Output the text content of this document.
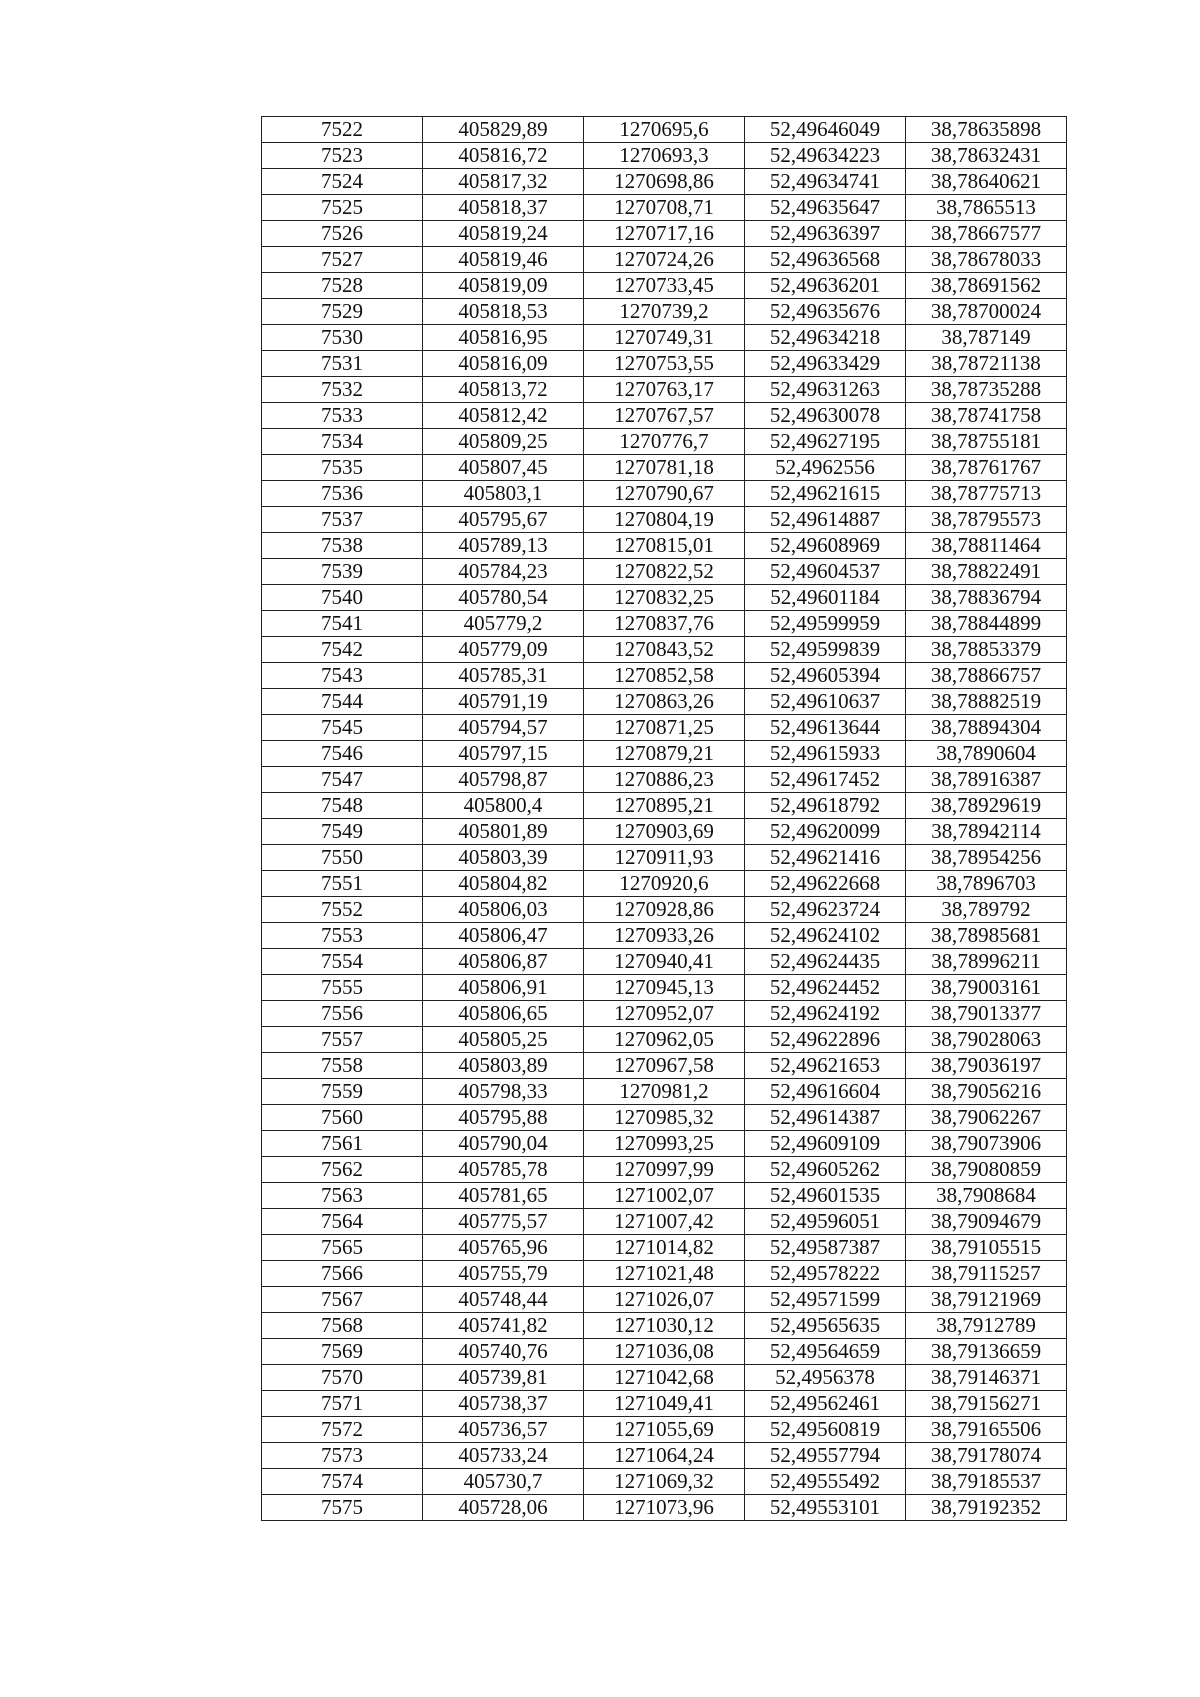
7522	405829,89	1270695,6	52,49646049	38,78635898
7523	405816,72	1270693,3	52,49634223	38,78632431
7524	405817,32	1270698,86	52,49634741	38,78640621
7525	405818,37	1270708,71	52,49635647	38,7865513
7526	405819,24	1270717,16	52,49636397	38,78667577
7527	405819,46	1270724,26	52,49636568	38,78678033
7528	405819,09	1270733,45	52,49636201	38,78691562
7529	405818,53	1270739,2	52,49635676	38,78700024
7530	405816,95	1270749,31	52,49634218	38,787149
7531	405816,09	1270753,55	52,49633429	38,78721138
7532	405813,72	1270763,17	52,49631263	38,78735288
7533	405812,42	1270767,57	52,49630078	38,78741758
7534	405809,25	1270776,7	52,49627195	38,78755181
7535	405807,45	1270781,18	52,4962556	38,78761767
7536	405803,1	1270790,67	52,49621615	38,78775713
7537	405795,67	1270804,19	52,49614887	38,78795573
7538	405789,13	1270815,01	52,49608969	38,78811464
7539	405784,23	1270822,52	52,49604537	38,78822491
7540	405780,54	1270832,25	52,49601184	38,78836794
7541	405779,2	1270837,76	52,49599959	38,78844899
7542	405779,09	1270843,52	52,49599839	38,78853379
7543	405785,31	1270852,58	52,49605394	38,78866757
7544	405791,19	1270863,26	52,49610637	38,78882519
7545	405794,57	1270871,25	52,49613644	38,78894304
7546	405797,15	1270879,21	52,49615933	38,7890604
7547	405798,87	1270886,23	52,49617452	38,78916387
7548	405800,4	1270895,21	52,49618792	38,78929619
7549	405801,89	1270903,69	52,49620099	38,78942114
7550	405803,39	1270911,93	52,49621416	38,78954256
7551	405804,82	1270920,6	52,49622668	38,7896703
7552	405806,03	1270928,86	52,49623724	38,789792
7553	405806,47	1270933,26	52,49624102	38,78985681
7554	405806,87	1270940,41	52,49624435	38,78996211
7555	405806,91	1270945,13	52,49624452	38,79003161
7556	405806,65	1270952,07	52,49624192	38,79013377
7557	405805,25	1270962,05	52,49622896	38,79028063
7558	405803,89	1270967,58	52,49621653	38,79036197
7559	405798,33	1270981,2	52,49616604	38,79056216
7560	405795,88	1270985,32	52,49614387	38,79062267
7561	405790,04	1270993,25	52,49609109	38,79073906
7562	405785,78	1270997,99	52,49605262	38,79080859
7563	405781,65	1271002,07	52,49601535	38,7908684
7564	405775,57	1271007,42	52,49596051	38,79094679
7565	405765,96	1271014,82	52,49587387	38,79105515
7566	405755,79	1271021,48	52,49578222	38,79115257
7567	405748,44	1271026,07	52,49571599	38,79121969
7568	405741,82	1271030,12	52,49565635	38,7912789
7569	405740,76	1271036,08	52,49564659	38,79136659
7570	405739,81	1271042,68	52,4956378	38,79146371
7571	405738,37	1271049,41	52,49562461	38,79156271
7572	405736,57	1271055,69	52,49560819	38,79165506
7573	405733,24	1271064,24	52,49557794	38,79178074
7574	405730,7	1271069,32	52,49555492	38,79185537
7575	405728,06	1271073,96	52,49553101	38,79192352
